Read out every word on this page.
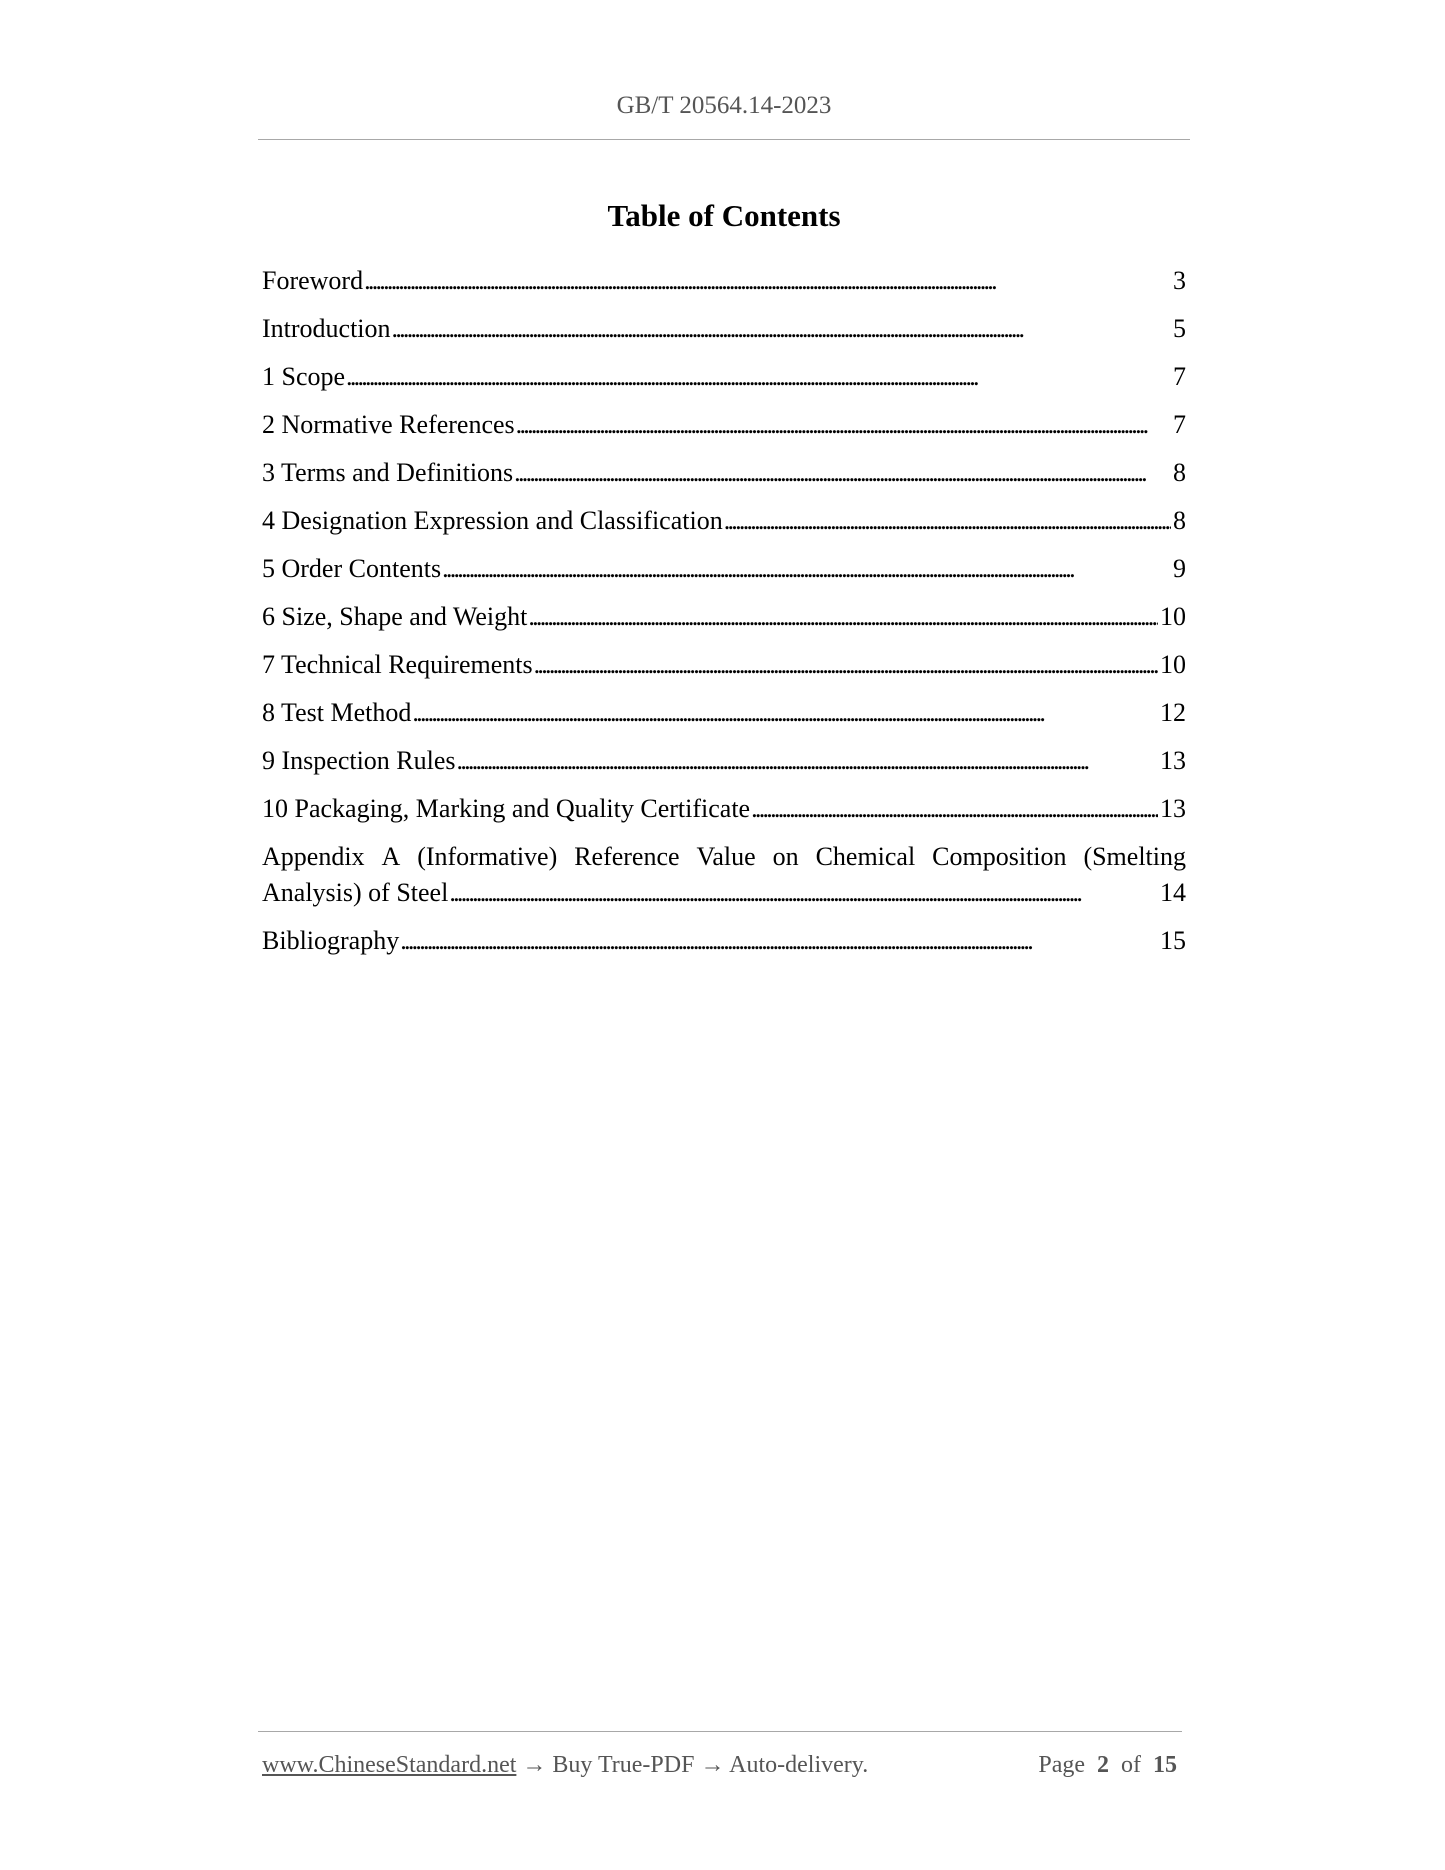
GB/T 20564.14-2023
Table of Contents
Foreword . . .	3
Introduction . . .	5
1 Scope . . .	7
2 Normative References . . .	7
3 Terms and Definitions . . .	8
4 Designation Expression and Classification . . .	8
5 Order Contents . . .	9
6 Size, Shape and Weight . . .	10
7 Technical Requirements . . .	10
8 Test Method . . .	12
9 Inspection Rules . . .	13
10 Packaging, Marking and Quality Certificate . . .	13
Appendix A (Informative) Reference Value on Chemical Composition (Smelting
Analysis) of Steel . . .	14
Bibliography . . .	15
www.ChineseStandard.net → Buy True-PDF → Auto-delivery.	Page 2 of 15
